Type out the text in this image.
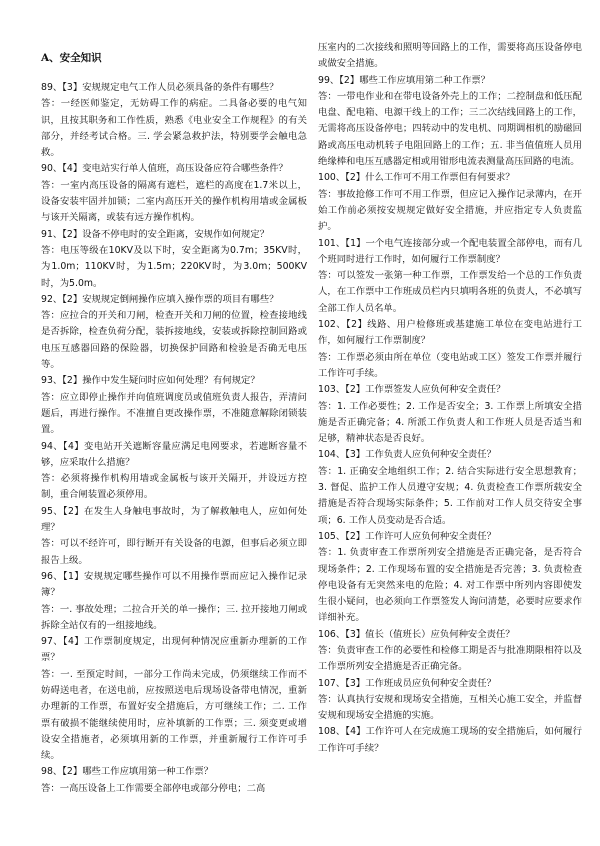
A、安全知识

89、【3】安规规定电气工作人员必须具备的条件有哪些？

答：一经医师鉴定，无妨碍工作的病症。二具备必要的电气知识，且按其职务和工作性质，熟悉《电业安全工作规程》的有关部分，并经考试合格。三. 学会紧急救护法，特别要学会触电急救。

90、【4】变电站实行单人值班，高压设备应符合哪些条件？

答：一室内高压设备的隔离有遮栏，遮栏的高度在1.7米以上，设备安装牢固并加锁；二室内高压开关的操作机构用墙或金属板与该开关隔离，或装有远方操作机构。

91、【2】设备不停电时的安全距离，安规作如何规定？

答：电压等级在10KV及以下时，安全距离为0.7m；35KV时，为1.0m；110KV时，为1.5m；220KV时，为3.0m；500KV时，为5.0m。

92、【2】安规规定倒闸操作应填入操作票的项目有哪些？

答：应拉合的开关和刀闸，检查开关和刀闸的位置，检查接地线是否拆除，检查负荷分配，装拆接地线，安装或拆除控制回路或电压互感器回路的保险器，切换保护回路和检验是否确无电压等。

93、【2】操作中发生疑问时应如何处理？有何规定？

答：应立即停止操作并向值班调度员或值班负责人报告，弄清问题后，再进行操作。不准擅自更改操作票，不准随意解除闭锁装置。

94、【4】变电站开关遮断容量应满足电网要求，若遮断容量不够，应采取什么措施？

答：必须将操作机构用墙或金属板与该开关隔开，并设远方控制，重合闸装置必须停用。

95、【2】在发生人身触电事故时，为了解救触电人，应如何处理？

答：可以不经许可，即行断开有关设备的电源，但事后必须立即报告上级。

96、【1】安规规定哪些操作可以不用操作票而应记入操作记录簿？

答：一. 事故处理；二拉合开关的单一操作；三. 拉开接地刀闸或拆除全站仅有的一组接地线。

97、【4】工作票制度规定，出现何种情况应重新办理新的工作票？

答：一. 至预定时间，一部分工作尚未完成，仍须继续工作而不妨碍送电者，在送电前，应按照送电后现场设备带电情况，重新办理新的工作票，布置好安全措施后，方可继续工作；二. 工作票有破损不能继续使用时，应补填新的工作票；三. 须变更或增设安全措施者，必须填用新的工作票，并重新履行工作许可手续。

98、【2】哪些工作应填用第一种工作票？

答：一高压设备上工作需要全部停电或部分停电；二高

压室内的二次接线和照明等回路上的工作，需要将高压设备停电或做安全措施。

99、【2】哪些工作应填用第二种工作票？

答：一带电作业和在带电设备外壳上的工作；二控制盘和低压配电盘、配电箱、电源干线上的工作；三二次结线回路上的工作，无需将高压设备停电；四转动中的发电机、同期调相机的励磁回路或高压电动机转子电阻回路上的工作；五. 非当值值班人员用绝缘棒和电压互感器定相或用钳形电流表测量高压回路的电流。

100、【2】什么工作可不用工作票但有何要求？

答：事故抢修工作可不用工作票，但应记入操作记录薄内，在开始工作前必须按安规规定做好安全措施，并应指定专人负责监护。

101、【1】一个电气连接部分或一个配电装置全部停电，而有几个班同时进行工作时，如何履行工作票制度？

答：可以签发一张第一种工作票，工作票发给一个总的工作负责人，在工作票中工作班成员栏内只填明各班的负责人，不必填写全部工作人员名单。

102、【2】线路、用户检修班或基建施工单位在变电站进行工作，如何履行工作票制度？

答：工作票必须由所在单位（变电站或工区）签发工作票并履行工作许可手续。

103、【2】工作票签发人应负何种安全责任？

答：1. 工作必要性；2. 工作是否安全；3. 工作票上所填安全措施是否正确完备；4. 所派工作负责人和工作班人员是否适当和足够，精神状态是否良好。

104、【3】工作负责人应负何种安全责任？

答：1. 正确安全地组织工作；2. 结合实际进行安全思想教育；3. 督促、监护工作人员遵守安规；4. 负责检查工作票所载安全措施是否符合现场实际条件；5. 工作前对工作人员交待安全事项；6. 工作人员变动是否合适。

105、【2】工作许可人应负何种安全责任？

答：1. 负责审查工作票所列安全措施是否正确完备，是否符合现场条件；2. 工作现场布置的安全措施是否完善；3. 负责检查停电设备有无突然来电的危险；4. 对工作票中所列内容即使发生很小疑问，也必须向工作票签发人询问清楚，必要时应要求作详细补充。

106、【3】值长（值班长）应负何种安全责任？

答：负责审查工作的必要性和检修工期是否与批准期限相符以及工作票所列安全措施是否正确完备。

107、【3】工作班成员应负何种安全责任？

答：认真执行安规和现场安全措施，互相关心施工安全，并监督安规和现场安全措施的实施。

108、【4】工作许可人在完成施工现场的安全措施后，如何履行工作许可手续？
